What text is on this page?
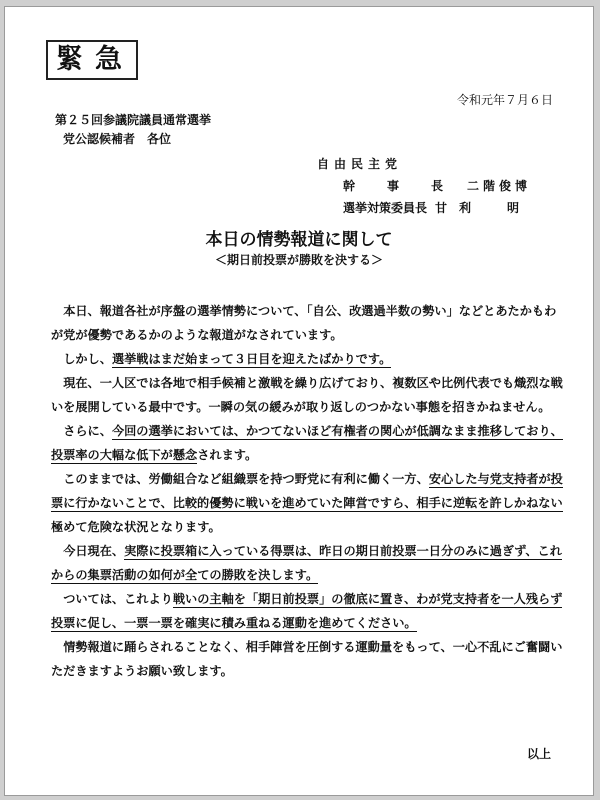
緊急
令和元年７月６日
第２５回参議院議員通常選挙
党公認候補者　各位
自由民主党
幹　事　長 二階俊博
選挙対策委員長 甘利　明
本日の情勢報道に関して
＜期日前投票が勝敗を決する＞

本日、報道各社が序盤の選挙情勢について、「自公、改選過半数の勢い」などとあたかもわが党が優勢であるかのような報道がなされています。

しかし、選挙戦はまだ始まって３日目を迎えたばかりです。

現在、一人区では各地で相手候補と激戦を繰り広げており、複数区や比例代表でも熾烈な戦いを展開している最中です。一瞬の気の緩みが取り返しのつかない事態を招きかねません。

さらに、今回の選挙においては、かつてないほど有権者の関心が低調なまま推移しており、投票率の大幅な低下が懸念されます。

このままでは、労働組合など組織票を持つ野党に有利に働く一方、安心した与党支持者が投票に行かないことで、比較的優勢に戦いを進めていた陣営ですら、相手に逆転を許しかねない極めて危険な状況となります。

今日現在、実際に投票箱に入っている得票は、昨日の期日前投票一日分のみに過ぎず、これからの集票活動の如何が全ての勝敗を決します。

ついては、これより戦いの主軸を「期日前投票」の徹底に置き、わが党支持者を一人残らず投票に促し、一票一票を確実に積み重ねる運動を進めてください。

情勢報道に踊らされることなく、相手陣営を圧倒する運動量をもって、一心不乱にご奮闘いただきますようお願い致します。

以上
